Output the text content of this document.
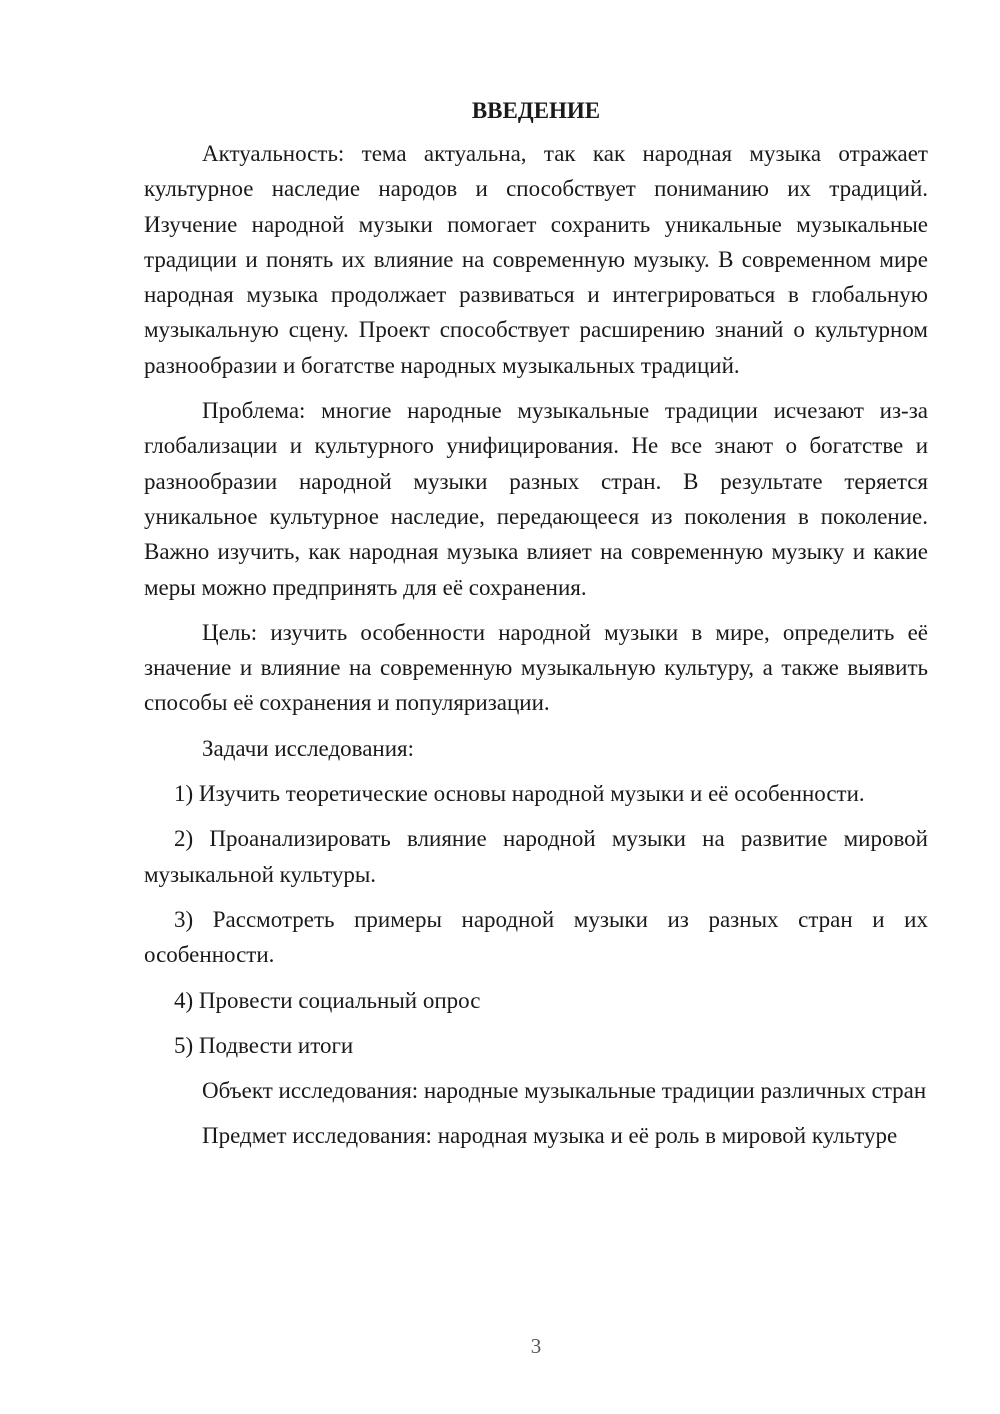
ВВЕДЕНИЕ

Актуальность: тема актуальна, так как народная музыка отражает культурное наследие народов и способствует пониманию их традиций. Изучение народной музыки помогает сохранить уникальные музыкальные традиции и понять их влияние на современную музыку. В современном мире народная музыка продолжает развиваться и интегрироваться в глобальную музыкальную сцену. Проект способствует расширению знаний о культурном разнообразии и богатстве народных музыкальных традиций.

Проблема: многие народные музыкальные традиции исчезают из-за глобализации и культурного унифицирования. Не все знают о богатстве и разнообразии народной музыки разных стран. В результате теряется уникальное культурное наследие, передающееся из поколения в поколение. Важно изучить, как народная музыка влияет на современную музыку и какие меры можно предпринять для её сохранения.

Цель: изучить особенности народной музыки в мире, определить её значение и влияние на современную музыкальную культуру, а также выявить способы её сохранения и популяризации.

Задачи исследования:

1) Изучить теоретические основы народной музыки и её особенности.

2) Проанализировать влияние народной музыки на развитие мировой музыкальной культуры.

3) Рассмотреть примеры народной музыки из разных стран и их особенности.

4) Провести социальный опрос

5) Подвести итоги

Объект исследования: народные музыкальные традиции различных стран

Предмет исследования: народная музыка и её роль в мировой культуре

3
